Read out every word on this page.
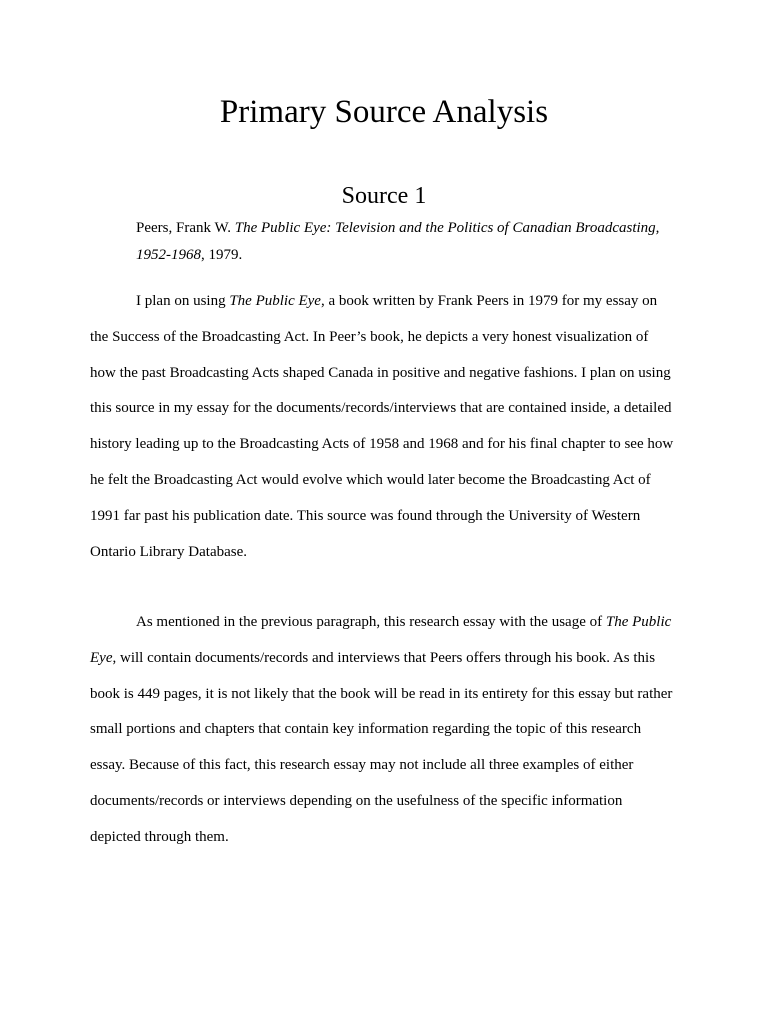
Primary Source Analysis
Source 1

Peers, Frank W. The Public Eye: Television and the Politics of Canadian Broadcasting,
1952-1968, 1979.

I plan on using The Public Eye, a book written by Frank Peers in 1979 for my essay on
the Success of the Broadcasting Act. In Peer’s book, he depicts a very honest visualization of
how the past Broadcasting Acts shaped Canada in positive and negative fashions. I plan on using
this source in my essay for the documents/records/interviews that are contained inside, a detailed
history leading up to the Broadcasting Acts of 1958 and 1968 and for his final chapter to see how
he felt the Broadcasting Act would evolve which would later become the Broadcasting Act of
1991 far past his publication date. This source was found through the University of Western
Ontario Library Database.

As mentioned in the previous paragraph, this research essay with the usage of The Public
Eye, will contain documents/records and interviews that Peers offers through his book. As this
book is 449 pages, it is not likely that the book will be read in its entirety for this essay but rather
small portions and chapters that contain key information regarding the topic of this research
essay. Because of this fact, this research essay may not include all three examples of either
documents/records or interviews depending on the usefulness of the specific information
depicted through them.
